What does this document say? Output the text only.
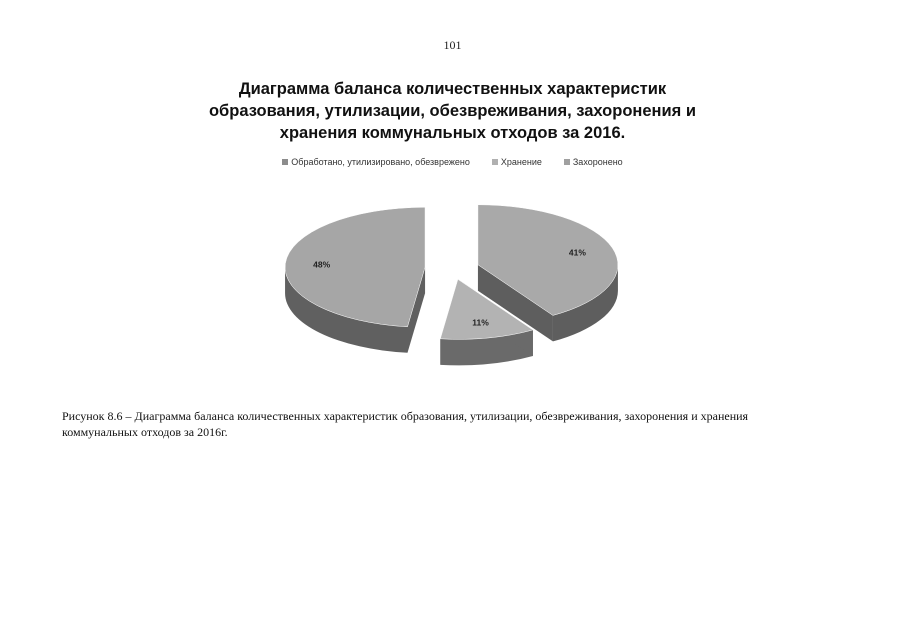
101
Диаграмма баланса количественных характеристик
образования, утилизации, обезвреживания, захоронения и
хранения коммунальных отходов за 2016.
Обработано, утилизировано, обезврежено	Хранение	Захоронено
41%
11%
48%
Рисунок 8.6 – Диаграмма баланса количественных характеристик образования, утилизации, обезвреживания, захоронения и хранения
коммунальных отходов за 2016г.
